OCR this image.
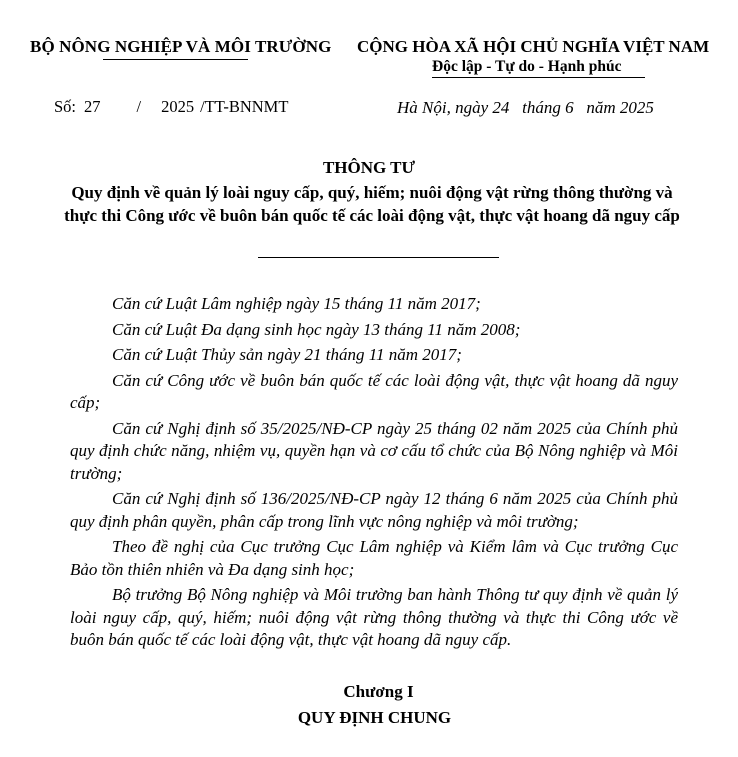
BỘ NÔNG NGHIỆP VÀ MÔI TRƯỜNG CỘNG HÒA XÃ HỘI CHỦ NGHĨA VIỆT NAM
Độc lập - Tự do - Hạnh phúc
Số: 27 / 2025 /TT-BNNMT	Hà Nội, ngày 24   tháng 6   năm 2025
THÔNG TƯ
Quy định về quản lý loài nguy cấp, quý, hiếm; nuôi động vật rừng thông thường và thực thi Công ước về buôn bán quốc tế các loài động vật, thực vật hoang dã nguy cấp

Căn cứ Luật Lâm nghiệp ngày 15 tháng 11 năm 2017;

Căn cứ Luật Đa dạng sinh học ngày 13 tháng 11 năm 2008;

Căn cứ Luật Thủy sản ngày 21 tháng 11 năm 2017;

Căn cứ Công ước về buôn bán quốc tế các loài động vật, thực vật hoang dã nguy cấp;

Căn cứ Nghị định số 35/2025/NĐ-CP ngày 25 tháng 02 năm 2025 của Chính phủ quy định chức năng, nhiệm vụ, quyền hạn và cơ cấu tổ chức của Bộ Nông nghiệp và Môi trường;

Căn cứ Nghị định số 136/2025/NĐ-CP ngày 12 tháng 6 năm 2025 của Chính phủ quy định phân quyền, phân cấp trong lĩnh vực nông nghiệp và môi trường;

Theo đề nghị của Cục trưởng Cục Lâm nghiệp và Kiểm lâm và Cục trưởng Cục Bảo tồn thiên nhiên và Đa dạng sinh học;

Bộ trưởng Bộ Nông nghiệp và Môi trường ban hành Thông tư quy định về quản lý loài nguy cấp, quý, hiếm; nuôi động vật rừng thông thường và thực thi Công ước về buôn bán quốc tế các loài động vật, thực vật hoang dã nguy cấp.

Chương I
QUY ĐỊNH CHUNG
